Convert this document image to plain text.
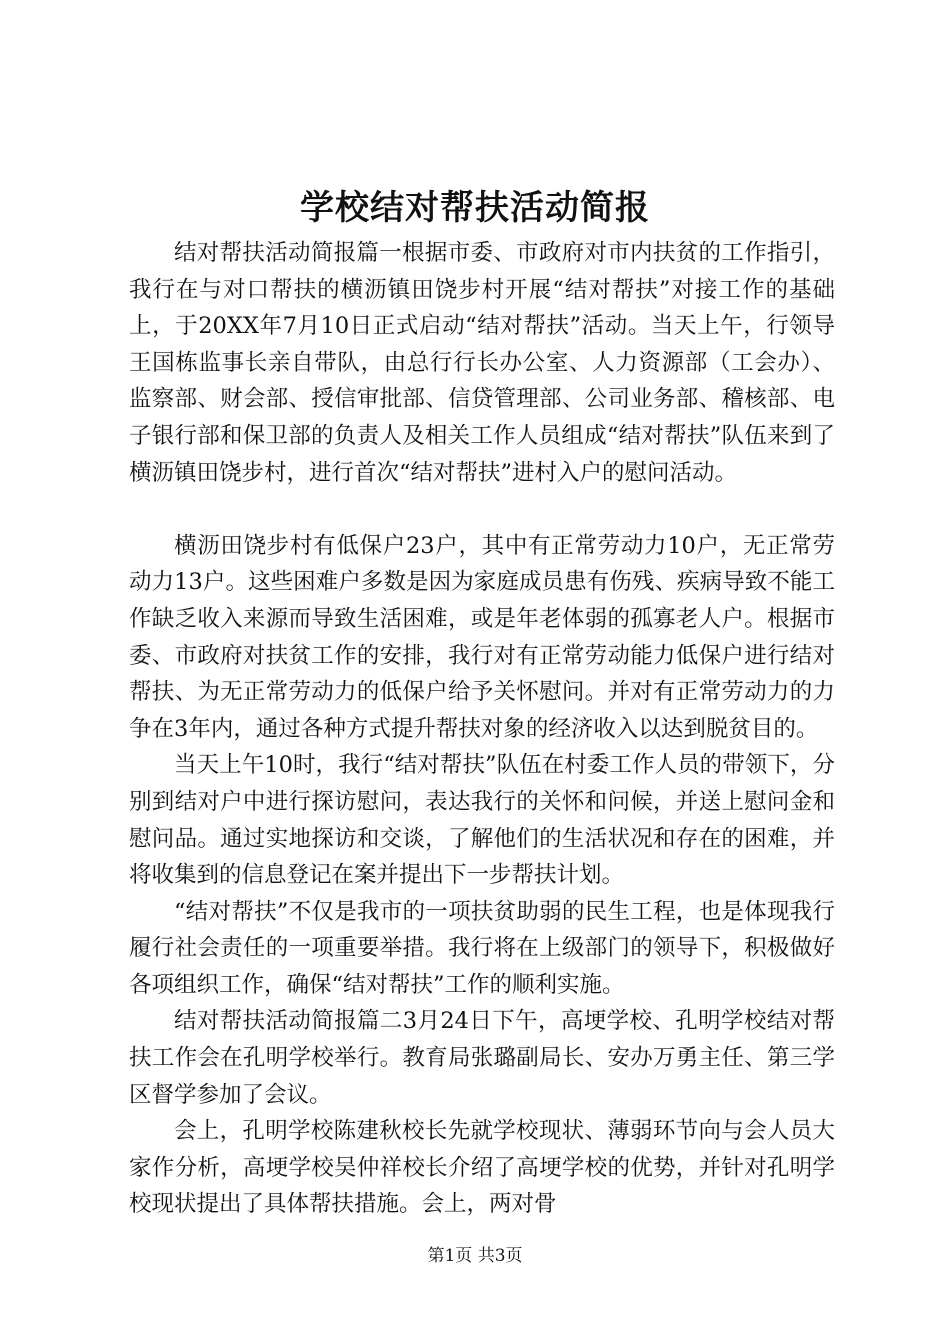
学校结对帮扶活动简报

结对帮扶活动简报篇一根据市委、市政府对市内扶贫的工作指引，我行在与对口帮扶的横沥镇田饶步村开展“结对帮扶”对接工作的基础上，于20XX年7月10日正式启动“结对帮扶”活动。当天上午，行领导王国栋监事长亲自带队，由总行行长办公室、人力资源部（工会办）、监察部、财会部、授信审批部、信贷管理部、公司业务部、稽核部、电子银行部和保卫部的负责人及相关工作人员组成“结对帮扶”队伍来到了横沥镇田饶步村，进行首次“结对帮扶”进村入户的慰问活动。

横沥田饶步村有低保户23户，其中有正常劳动力10户，无正常劳动力13户。这些困难户多数是因为家庭成员患有伤残、疾病导致不能工作缺乏收入来源而导致生活困难，或是年老体弱的孤寡老人户。根据市委、市政府对扶贫工作的安排，我行对有正常劳动能力低保户进行结对帮扶、为无正常劳动力的低保户给予关怀慰问。并对有正常劳动力的力争在3年内，通过各种方式提升帮扶对象的经济收入以达到脱贫目的。

当天上午10时，我行“结对帮扶”队伍在村委工作人员的带领下，分别到结对户中进行探访慰问，表达我行的关怀和问候，并送上慰问金和慰问品。通过实地探访和交谈，了解他们的生活状况和存在的困难，并将收集到的信息登记在案并提出下一步帮扶计划。

“结对帮扶”不仅是我市的一项扶贫助弱的民生工程，也是体现我行履行社会责任的一项重要举措。我行将在上级部门的领导下，积极做好各项组织工作，确保“结对帮扶”工作的顺利实施。

结对帮扶活动简报篇二3月24日下午，高埂学校、孔明学校结对帮扶工作会在孔明学校举行。教育局张璐副局长、安办万勇主任、第三学区督学参加了会议。

会上，孔明学校陈建秋校长先就学校现状、薄弱环节向与会人员大家作分析，高埂学校吴仲祥校长介绍了高埂学校的优势，并针对孔明学校现状提出了具体帮扶措施。会上，两对骨

第1页 共3页
